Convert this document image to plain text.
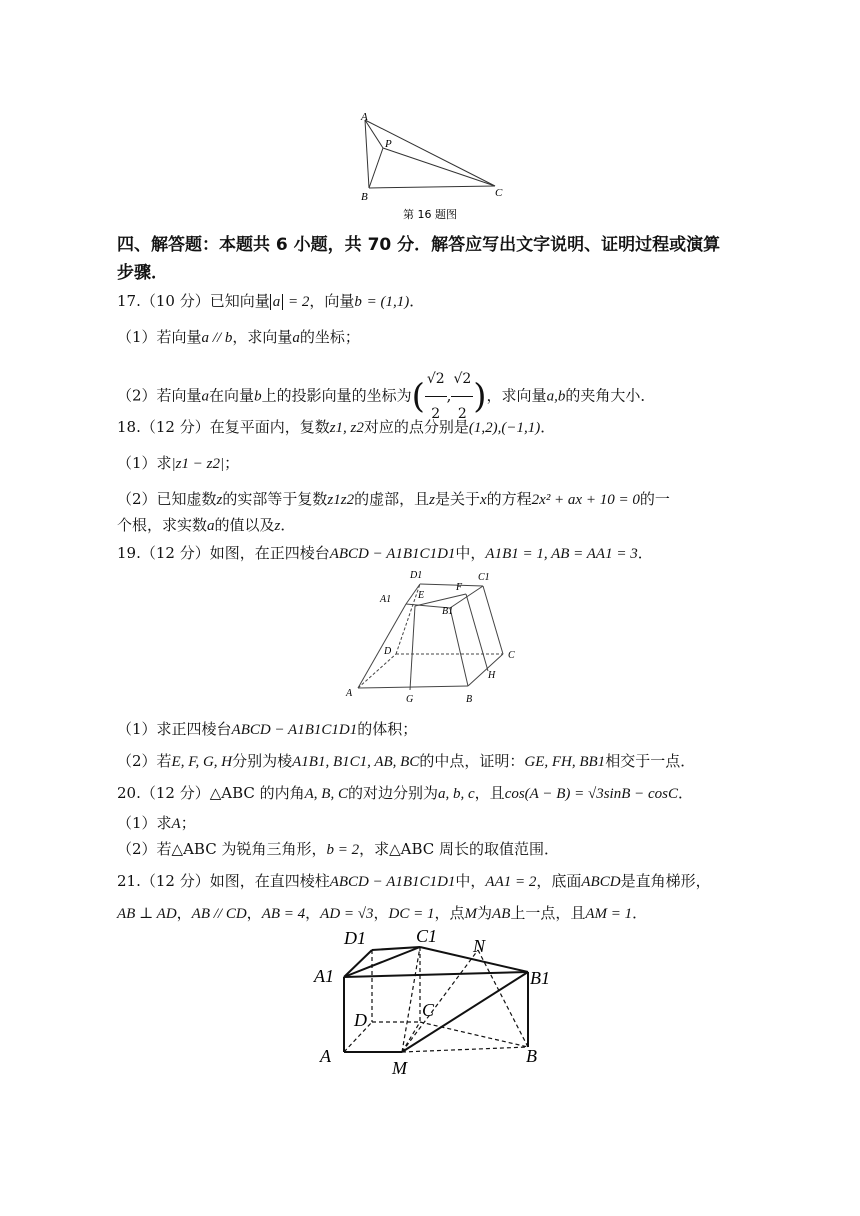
A
P
B	C
第 16 题图
四、解答题：本题共 6 小题，共 70 分．解答应写出文字说明、证明过程或演算
步骤．
17.（10 分）已知向量 a = 2，向量b = (1,1)．
（1）若向量a // b，求向量a的坐标；
（2）若向量a在向量b上的投影向量的坐标为( $\frac{√2}{2}$ , $\frac{√2}{2}$ )，求向量a,b的夹角大小．
18.（12 分）在复平面内，复数z1, z2对应的点分别是(1,2),(−1,1)．
（1）求|z1 − z2|；
（2）已知虚数z的实部等于复数z1z2的虚部，且z是关于x的方程2x² + ax + 10 = 0的一
个根，求实数a的值以及z．
19.（12 分）如图，在正四棱台ABCD − A1B1C1D1中，A1B1 = 1, AB = AA1 = 3．
D1	C1
A1	E
F
B1
D	C
H
A
G	B
（1）求正四棱台ABCD − A1B1C1D1的体积；
（2）若E, F, G, H分别为棱A1B1, B1C1, AB, BC的中点，证明：GE, FH, BB1相交于一点．
20.（12 分）△ABC 的内角A, B, C的对边分别为a, b, c，且cos(A − B) = √3sinB − cosC．
（1）求A；
（2）若△ABC 为锐角三角形，b = 2，求△ABC 周长的取值范围．
21.（12 分）如图，在直四棱柱ABCD − A1B1C1D1中，AA1 = 2，底面ABCD是直角梯形，
AB ⊥ AD，AB // CD，AB = 4，AD = √3，DC = 1，点M为AB上一点，且AM = 1．
D1	C1 N
A1	B1
D	C
A
M
B
